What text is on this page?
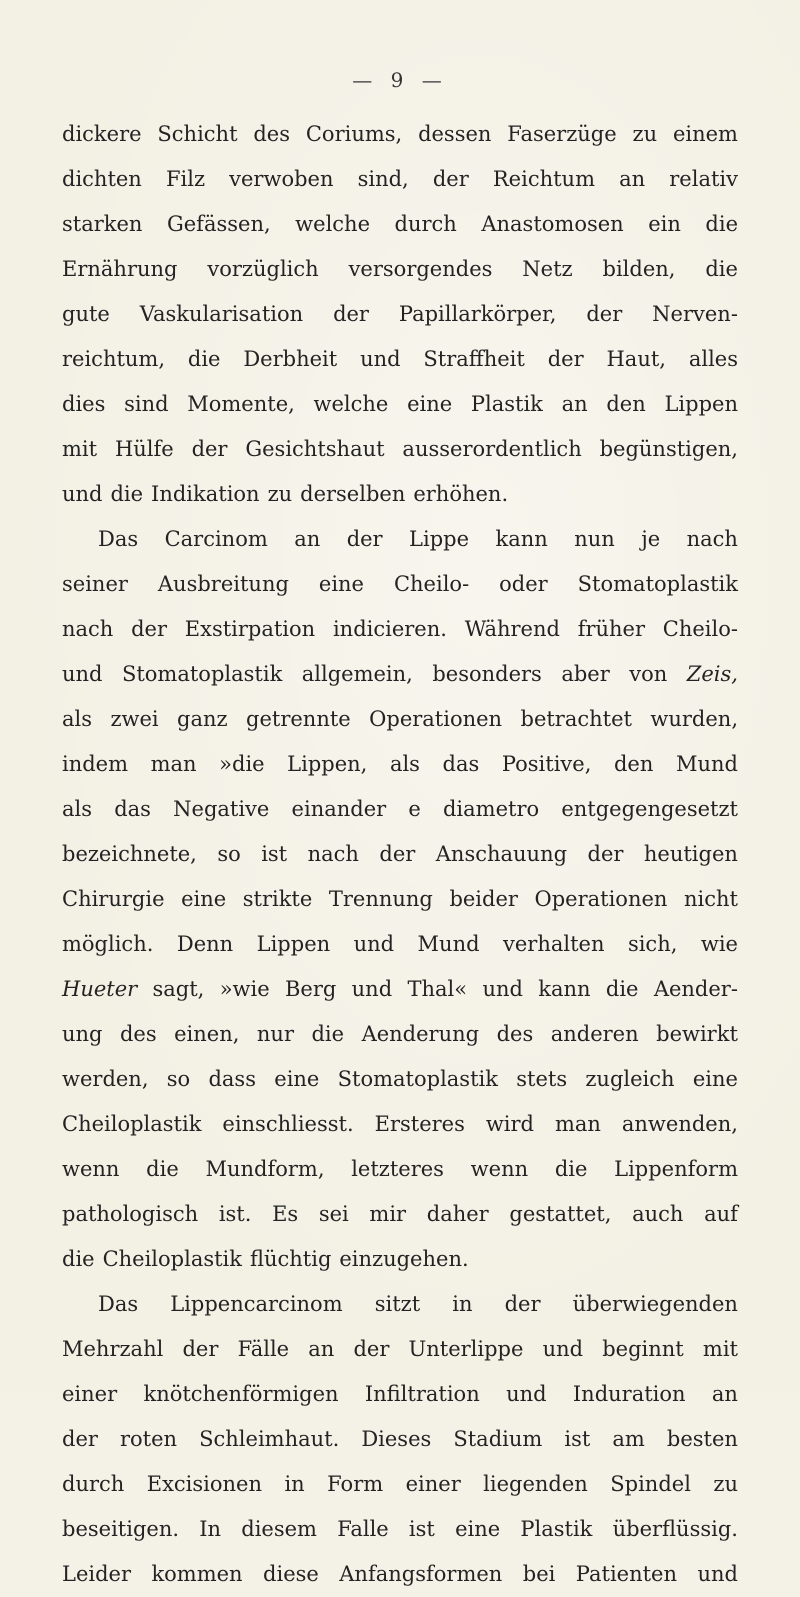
— 9 —
dickere Schicht des Coriums, dessen Faserzüge zu einem
dichten Filz verwoben sind, der Reichtum an relativ
starken Gefässen, welche durch Anastomosen ein die
Ernährung vorzüglich versorgendes Netz bilden, die
gute Vaskularisation der Papillarkörper, der Nerven-
reichtum, die Derbheit und Straffheit der Haut, alles
dies sind Momente, welche eine Plastik an den Lippen
mit Hülfe der Gesichtshaut ausserordentlich begünstigen,
und die Indikation zu derselben erhöhen.
Das Carcinom an der Lippe kann nun je nach
seiner Ausbreitung eine Cheilo- oder Stomatoplastik
nach der Exstirpation indicieren. Während früher Cheilo-
und Stomatoplastik allgemein, besonders aber von Zeis,
als zwei ganz getrennte Operationen betrachtet wurden,
indem man »die Lippen, als das Positive, den Mund
als das Negative einander e diametro entgegengesetzt
bezeichnete, so ist nach der Anschauung der heutigen
Chirurgie eine strikte Trennung beider Operationen nicht
möglich. Denn Lippen und Mund verhalten sich, wie
Hueter sagt, »wie Berg und Thal« und kann die Aender-
ung des einen, nur die Aenderung des anderen bewirkt
werden, so dass eine Stomatoplastik stets zugleich eine
Cheiloplastik einschliesst. Ersteres wird man anwenden,
wenn die Mundform, letzteres wenn die Lippenform
pathologisch ist. Es sei mir daher gestattet, auch auf
die Cheiloplastik flüchtig einzugehen.
Das Lippencarcinom sitzt in der überwiegenden
Mehrzahl der Fälle an der Unterlippe und beginnt mit
einer knötchenförmigen Infiltration und Induration an
der roten Schleimhaut. Dieses Stadium ist am besten
durch Excisionen in Form einer liegenden Spindel zu
beseitigen. In diesem Falle ist eine Plastik überflüssig.
Leider kommen diese Anfangsformen bei Patienten und
